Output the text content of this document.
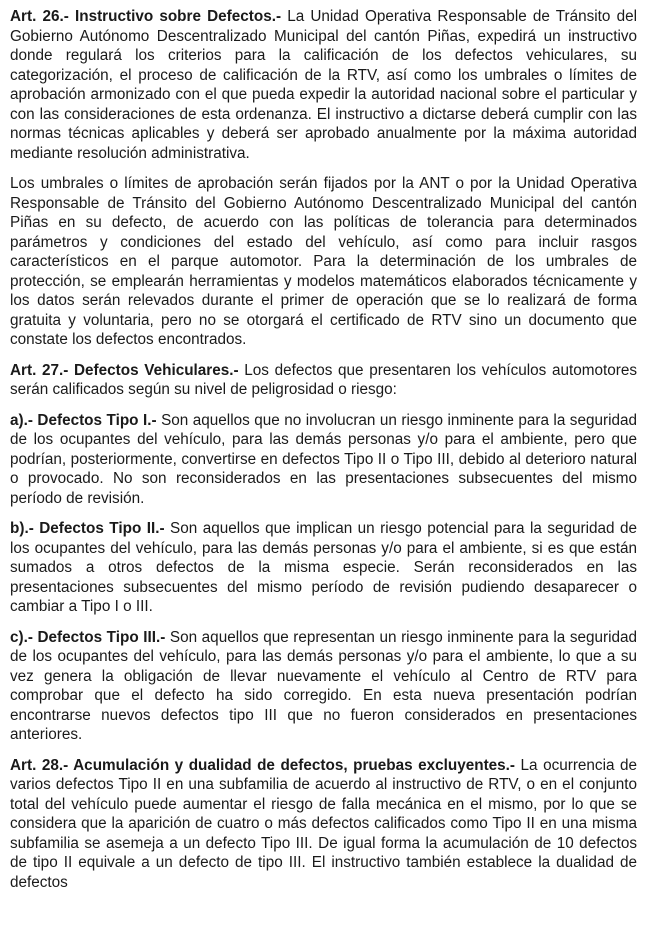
Art. 26.- Instructivo sobre Defectos.- La Unidad Operativa Responsable de Tránsito del Gobierno Autónomo Descentralizado Municipal del cantón Piñas, expedirá un instructivo donde regulará los criterios para la calificación de los defectos vehiculares, su categorización, el proceso de calificación de la RTV, así como los umbrales o límites de aprobación armonizado con el que pueda expedir la autoridad nacional sobre el particular y con las consideraciones de esta ordenanza. El instructivo a dictarse deberá cumplir con las normas técnicas aplicables y deberá ser aprobado anualmente por la máxima autoridad mediante resolución administrativa.

Los umbrales o límites de aprobación serán fijados por la ANT o por la Unidad Operativa Responsable de Tránsito del Gobierno Autónomo Descentralizado Municipal del cantón Piñas en su defecto, de acuerdo con las políticas de tolerancia para determinados parámetros y condiciones del estado del vehículo, así como para incluir rasgos característicos en el parque automotor. Para la determinación de los umbrales de protección, se emplearán herramientas y modelos matemáticos elaborados técnicamente y los datos serán relevados durante el primer de operación que se lo realizará de forma gratuita y voluntaria, pero no se otorgará el certificado de RTV sino un documento que constate los defectos encontrados.

Art. 27.- Defectos Vehiculares.- Los defectos que presentaren los vehículos automotores serán calificados según su nivel de peligrosidad o riesgo:

a).- Defectos Tipo I.- Son aquellos que no involucran un riesgo inminente para la seguridad de los ocupantes del vehículo, para las demás personas y/o para el ambiente, pero que podrían, posteriormente, convertirse en defectos Tipo II o Tipo III, debido al deterioro natural o provocado. No son reconsiderados en las presentaciones subsecuentes del mismo período de revisión.

b).- Defectos Tipo II.- Son aquellos que implican un riesgo potencial para la seguridad de los ocupantes del vehículo, para las demás personas y/o para el ambiente, si es que están sumados a otros defectos de la misma especie. Serán reconsiderados en las presentaciones subsecuentes del mismo período de revisión pudiendo desaparecer o cambiar a Tipo I o III.

c).- Defectos Tipo III.- Son aquellos que representan un riesgo inminente para la seguridad de los ocupantes del vehículo, para las demás personas y/o para el ambiente, lo que a su vez genera la obligación de llevar nuevamente el vehículo al Centro de RTV para comprobar que el defecto ha sido corregido. En esta nueva presentación podrían encontrarse nuevos defectos tipo III que no fueron considerados en presentaciones anteriores.

Art. 28.- Acumulación y dualidad de defectos, pruebas excluyentes.- La ocurrencia de varios defectos Tipo II en una subfamilia de acuerdo al instructivo de RTV, o en el conjunto total del vehículo puede aumentar el riesgo de falla mecánica en el mismo, por lo que se considera que la aparición de cuatro o más defectos calificados como Tipo II en una misma subfamilia se asemeja a un defecto Tipo III. De igual forma la acumulación de 10 defectos de tipo II equivale a un defecto de tipo III. El instructivo también establece la dualidad de defectos
